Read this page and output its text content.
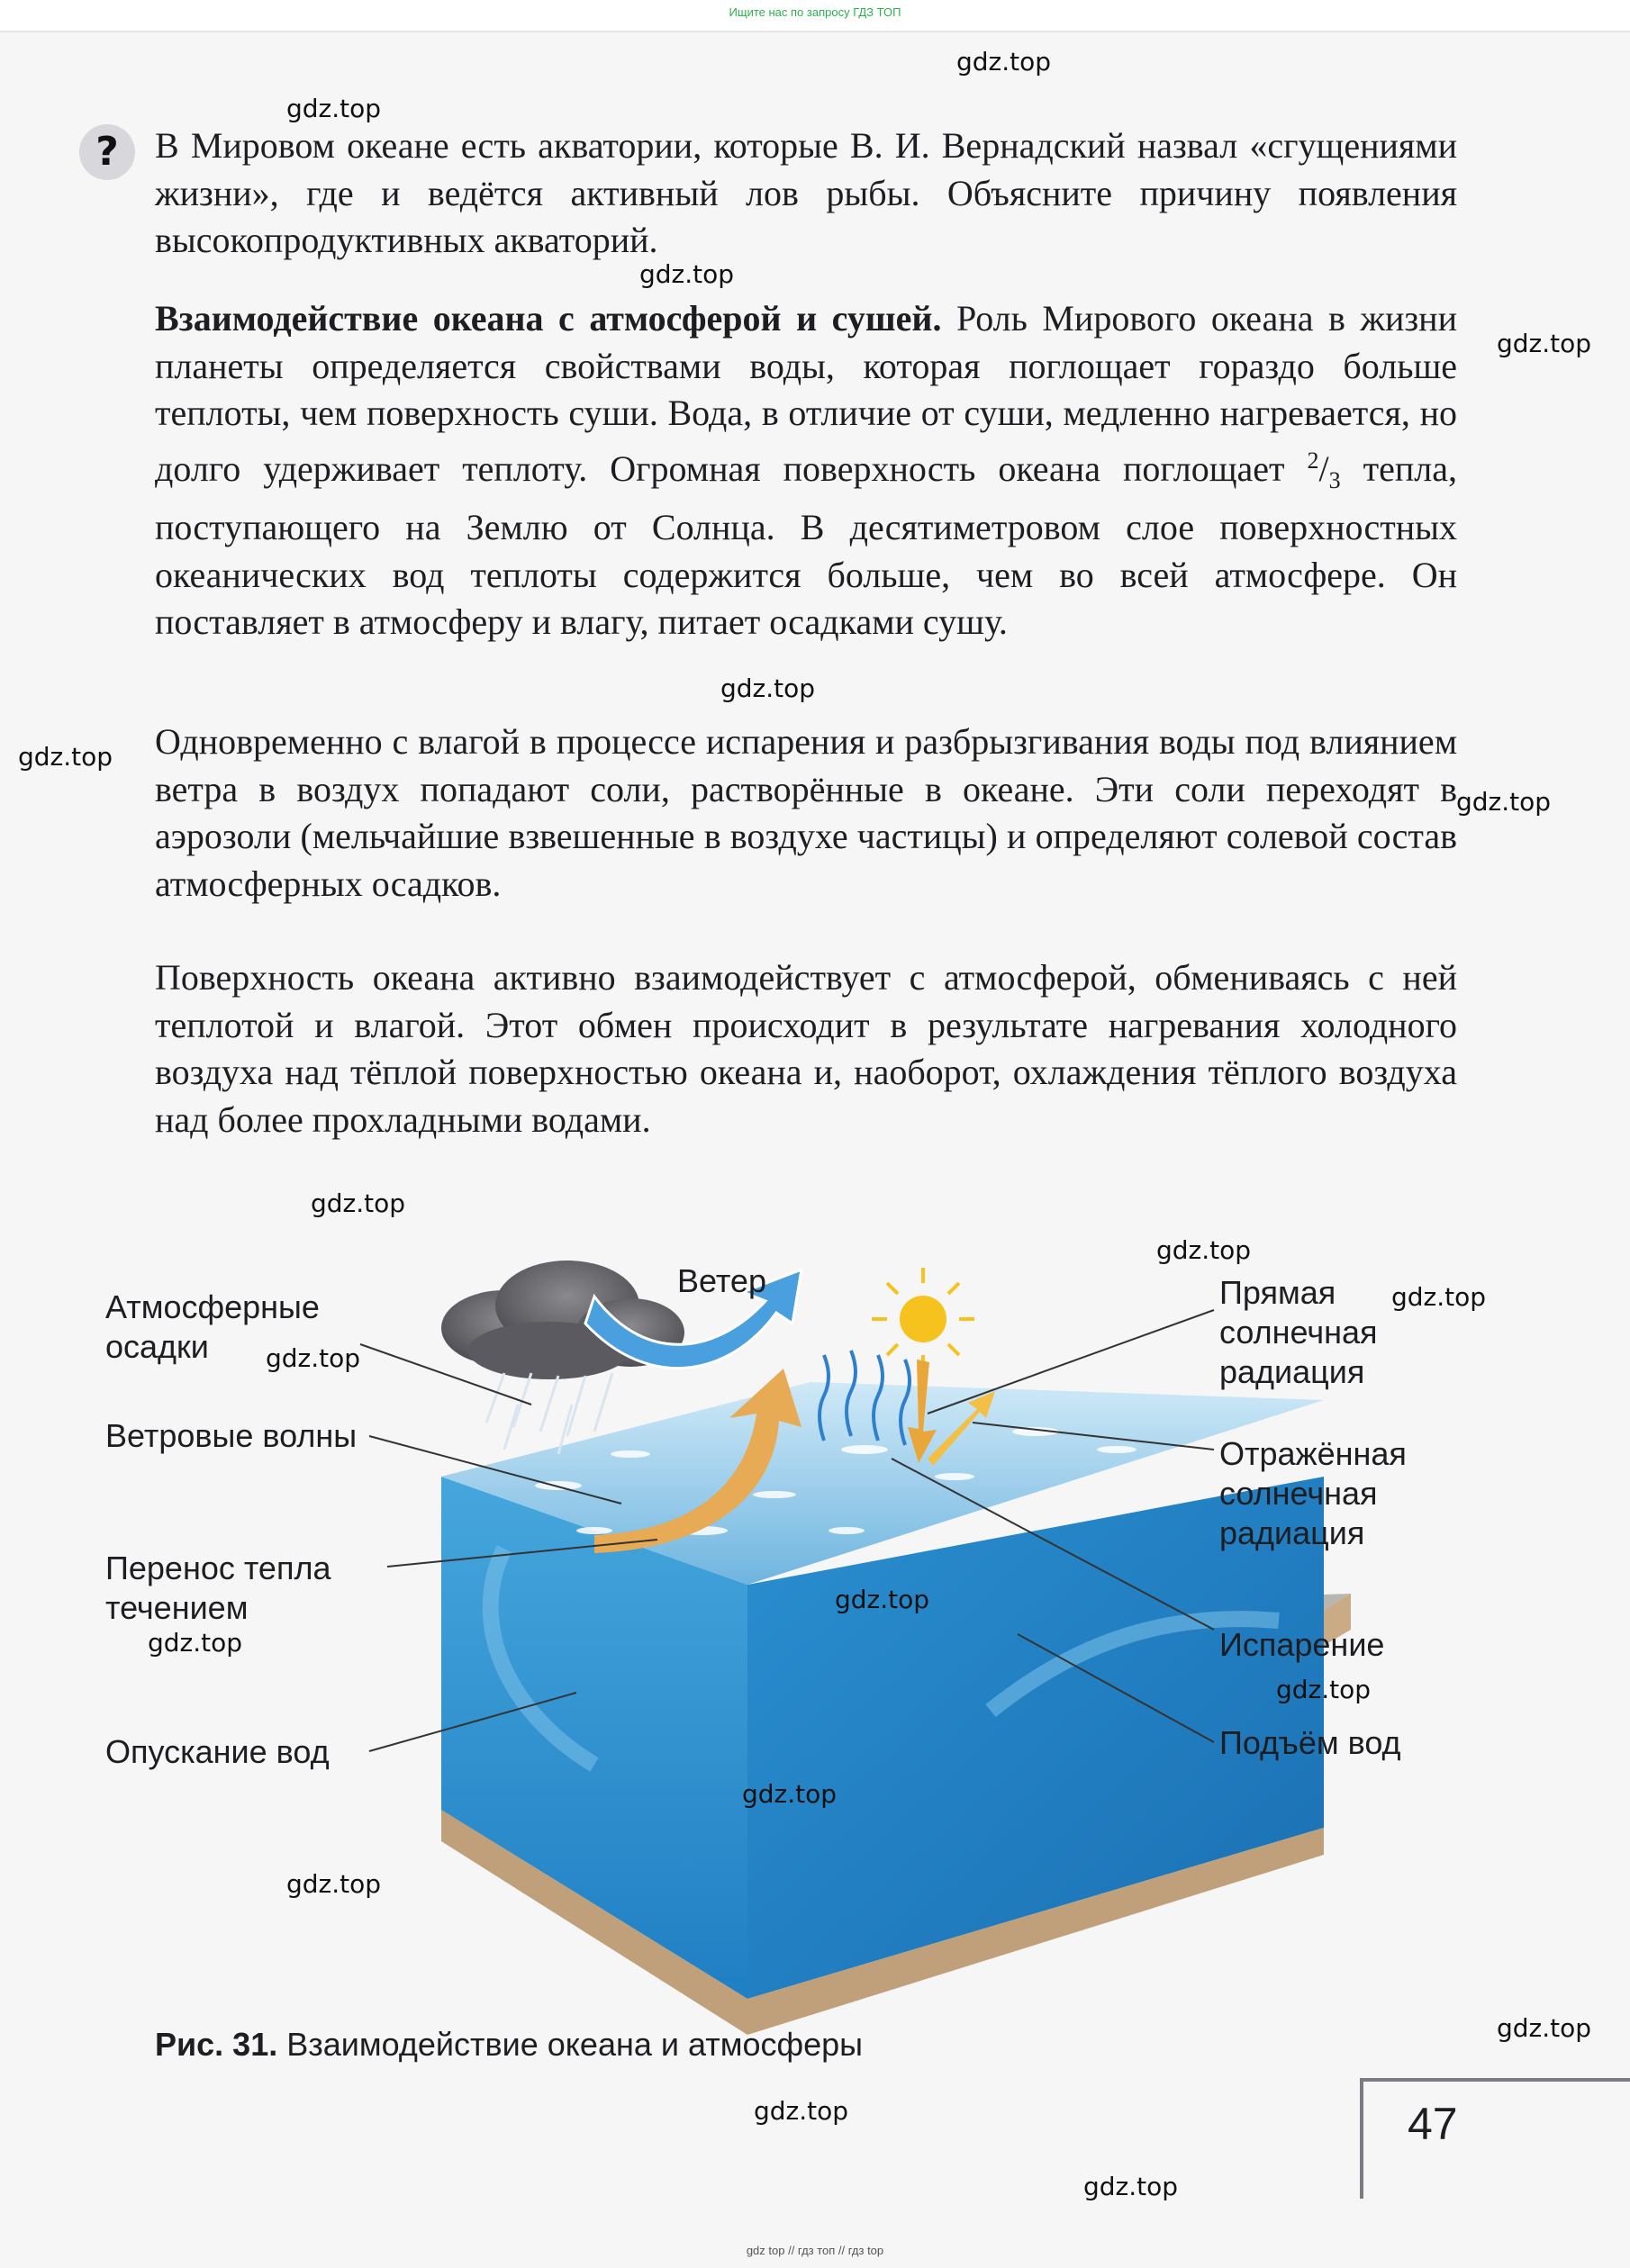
Ищите нас по запросу ГДЗ ТОП
?	В Мировом океане есть акватории, которые В. И. Вернадский назвал «сгущениями жизни», где и ведётся активный лов рыбы. Объясните причину появления высокопродуктивных акваторий.

Взаимодействие океана с атмосферой и сушей. Роль Мирового океана в жизни планеты определяется свойствами воды, которая поглощает гораздо больше теплоты, чем поверхность суши. Вода, в отличие от суши, медленно нагревается, но долго удерживает теплоту. Огромная поверхность океана поглощает $^2/_3$ тепла, поступающего на Землю от Солнца. В десятиметровом слое поверхностных океанических вод теплоты содержится больше, чем во всей атмосфере. Он поставляет в атмосферу и влагу, питает осадками сушу.

Одновременно с влагой в процессе испарения и разбрызгивания воды под влиянием ветра в воздух попадают соли, растворённые в океане. Эти соли переходят в аэрозоли (мельчайшие взвешенные в воздухе частицы) и определяют солевой состав атмосферных осадков.

Поверхность океана активно взаимодействует с атмосферой, обмениваясь с ней теплотой и влагой. Этот обмен происходит в результате нагревания холодного воздуха над тёплой поверхностью океана и, наоборот, охлаждения тёплого воздуха над более прохладными водами.

Ветер
Атмосферные
осадки
Ветровые волны
Перенос тепла
течением
Опускание вод
Прямая
солнечная
радиация
Отражённая
солнечная
радиация
Испарение
Подъём вод
Рис. 31. Взаимодействие океана и атмосферы
47
gdz.top
gdz.top
gdz.top
gdz.top
gdz.top
gdz.top
gdz.top
gdz.top
gdz.top
gdz.top
gdz.top
gdz.top
gdz.top
gdz.top
gdz.top
gdz.top
gdz.top
gdz.top
gdz.top
gdz top // гдз топ // гдз top
